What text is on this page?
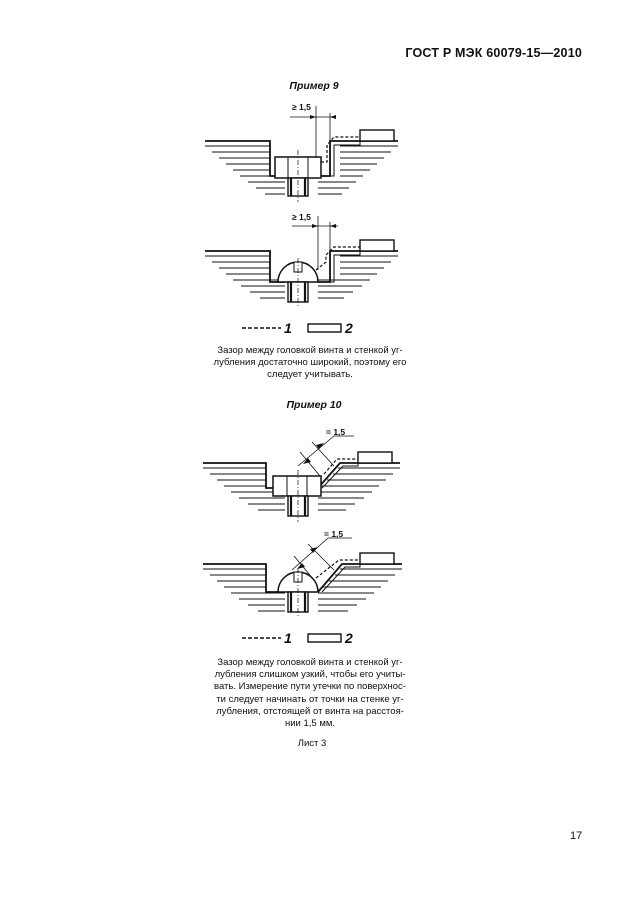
ГОСТ Р МЭК 60079-15—2010
Пример 9
≥ 1,5
≥ 1,5
= 1,5
= 1,5
1	2
Зазор между головкой винта и стенкой уг-
лубления достаточно широкий, поэтому его
следует учитывать.
Пример 10
1	2
Зазор между головкой винта и стенкой уг-
лубления слишком узкий, чтобы его учиты-
вать. Измерение пути утечки по поверхнос-
ти следует начинать от точки на стенке уг-
лубления, отстоящей от винта на расстоя-
нии 1,5 мм.
Лист 3
17
